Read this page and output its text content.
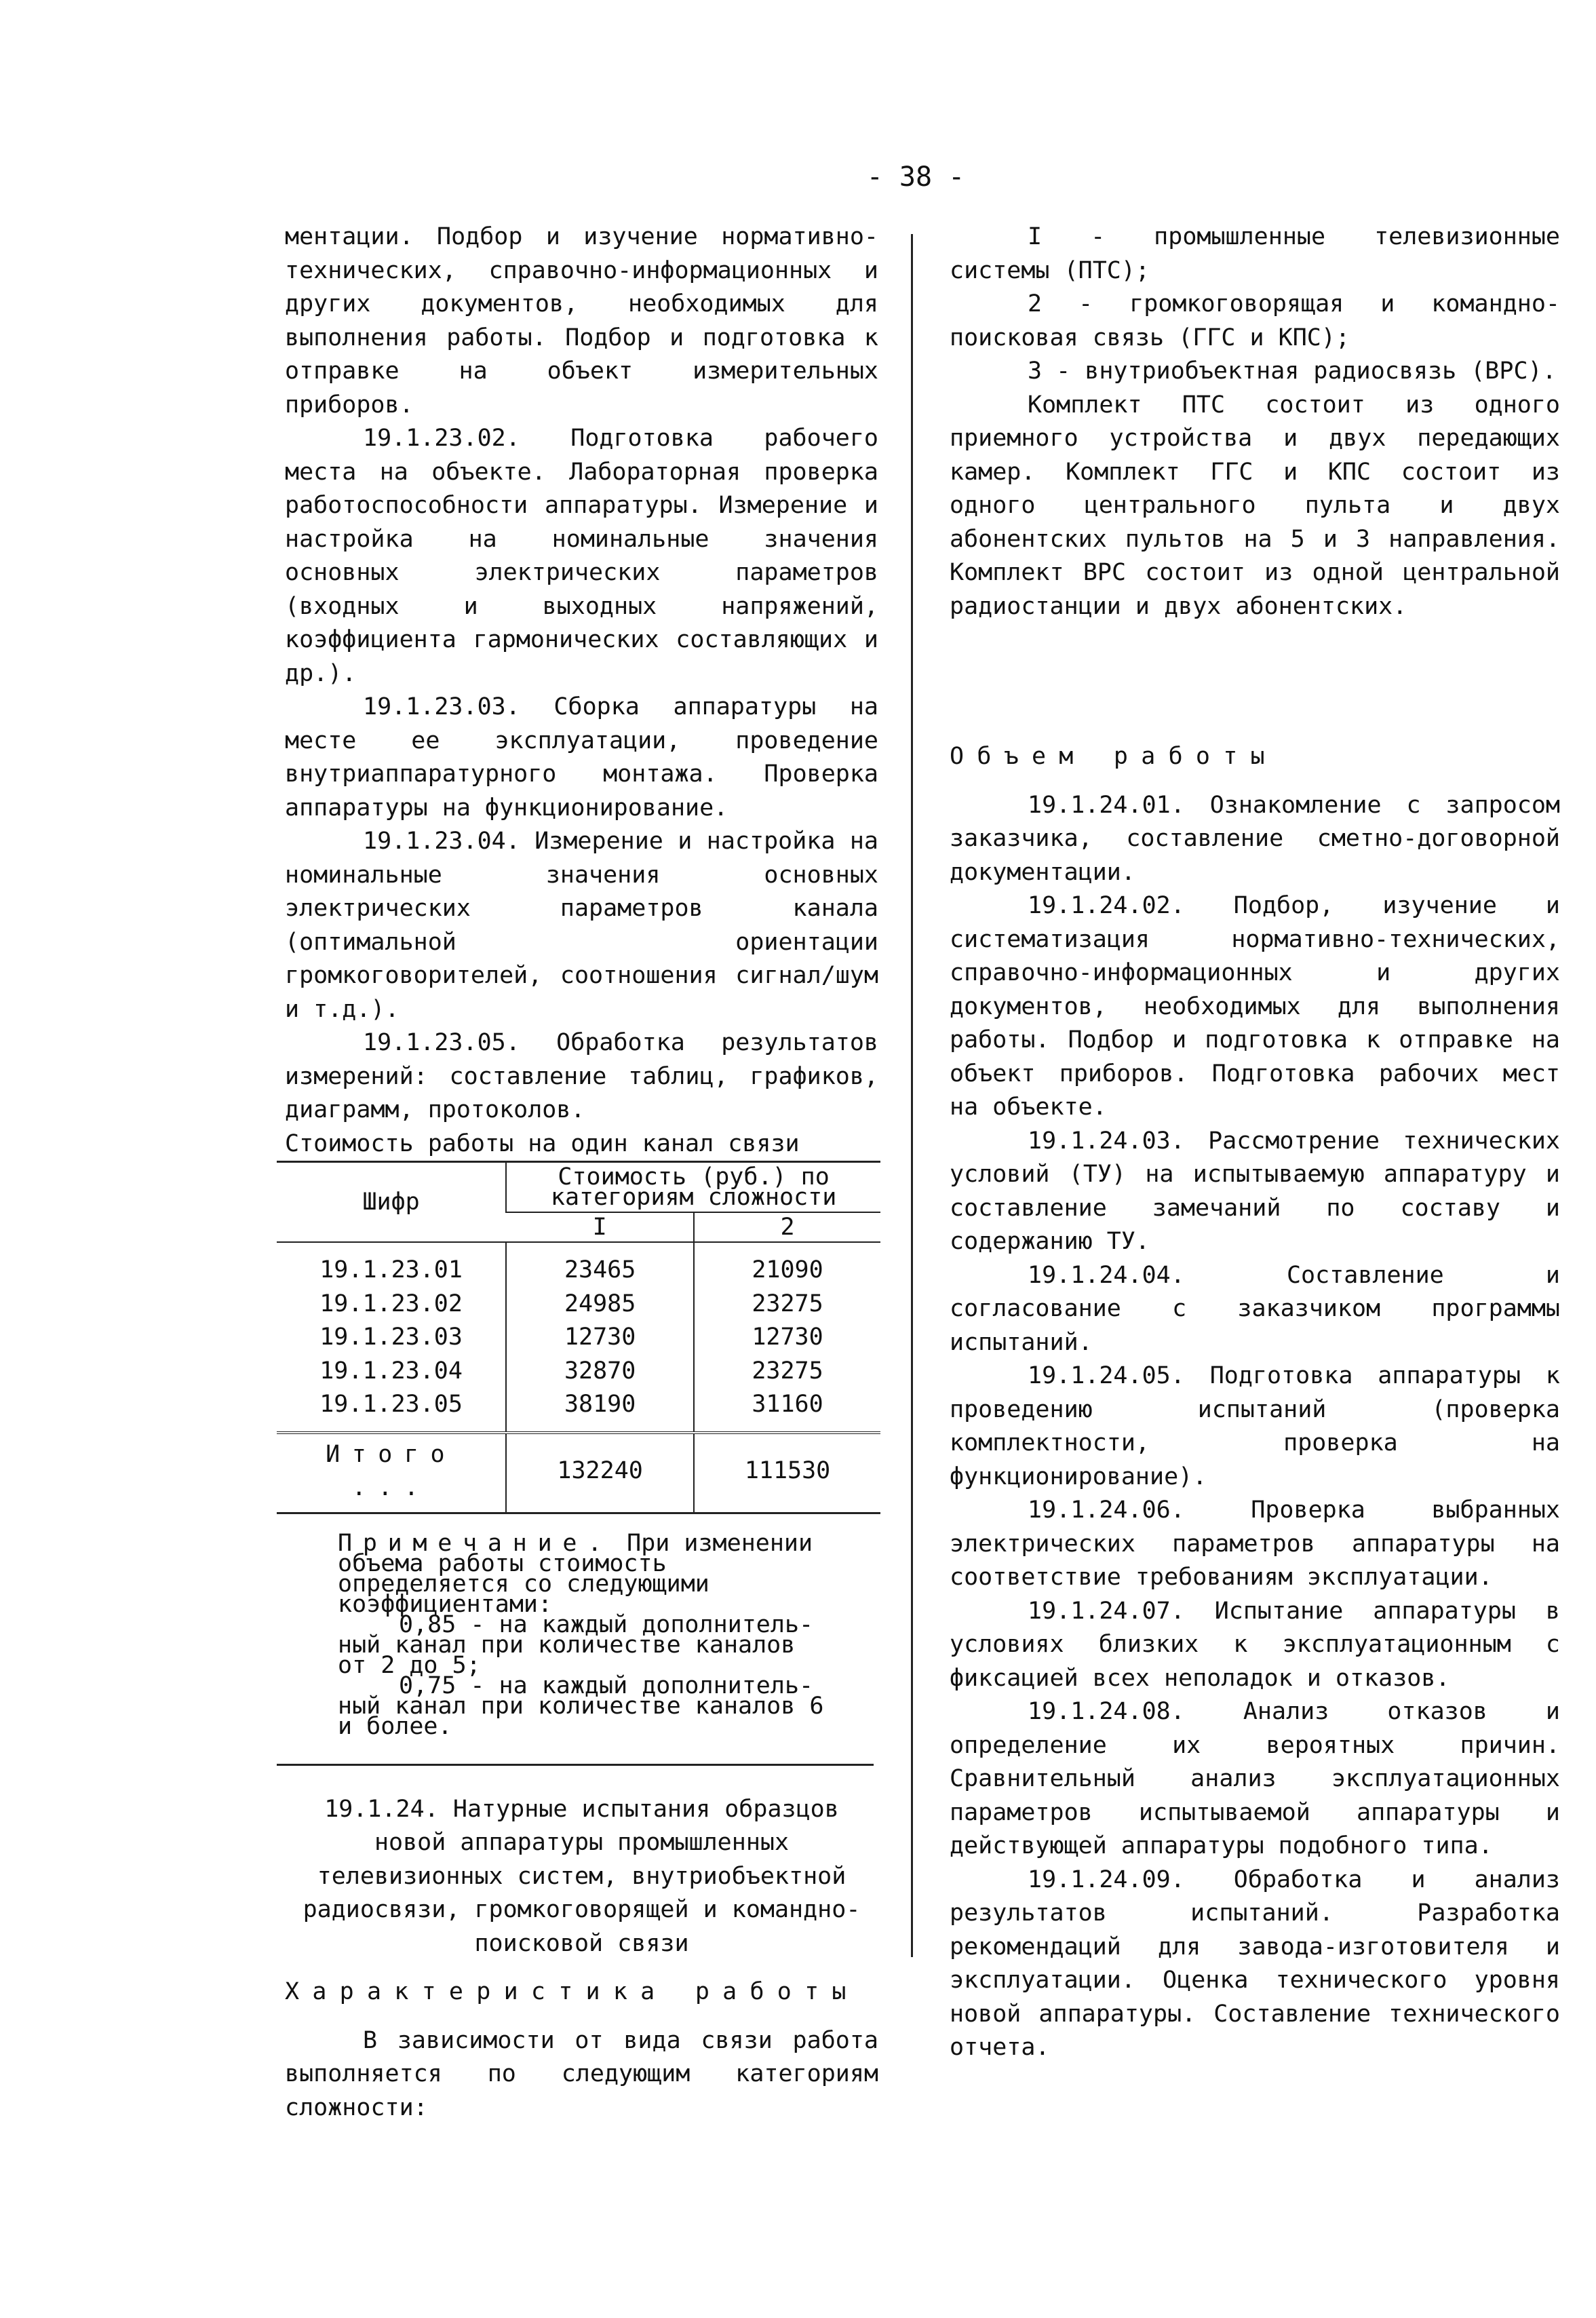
- 38 -

ментации. Подбор и изучение нормативно-технических, справочно-информационных и других документов, необходимых для выполнения работы. Подбор и подготовка к отправке на объект измерительных приборов.

19.1.23.02. Подготовка рабочего места на объекте. Лабораторная проверка работоспособности аппаратуры. Измерение и настройка на номинальные значения основных электрических параметров (входных и выходных напряжений, коэффициента гармонических составляющих и др.).

19.1.23.03. Сборка аппаратуры на месте ее эксплуатации, проведение внутриаппаратурного монтажа. Проверка аппаратуры на функционирование.

19.1.23.04. Измерение и настройка на номинальные значения основных электрических параметров канала (оптимальной ориентации громкоговорителей, соотношения сигнал/шум и т.д.).

19.1.23.05. Обработка результатов измерений: составление таблиц, графиков, диаграмм, протоколов.

Стоимость работы на один канал связи

Шифр	Стоимость (руб.) по категориям сложности	
	I	2
19.1.23.01	23465	21090
19.1.23.02	24985	23275
19.1.23.03	12730	12730
19.1.23.04	32870	23275
19.1.23.05	38190	31160
Итого ...	132240	111530

Примечание. При изменении объема работы стоимость определяется со следующими коэффициентами:

0,85 - на каждый дополнитель-

ный канал при количестве каналов от 2 до 5;

0,75 - на каждый дополнитель-

ный канал при количестве каналов 6 и более.

19.1.24. Натурные испытания образцов новой аппаратуры промышленных телевизионных систем, внутриобъектной радиосвязи, громкоговорящей и командно-поисковой связи

Характеристика работы

В зависимости от вида связи работа выполняется по следующим категориям сложности:

I - промышленные телевизионные системы (ПТС);

2 - громкоговорящая и командно-поисковая связь (ГГС и КПС);

3 - внутриобъектная радиосвязь (ВРС).

Комплект ПТС состоит из одного приемного устройства и двух передающих камер. Комплект ГГС и КПС состоит из одного центрального пульта и двух абонентских пультов на 5 и 3 направления. Комплект ВРС состоит из одной центральной радиостанции и двух абонентских.

Объем работы

19.1.24.01. Ознакомление с запросом заказчика, составление сметно-договорной документации.

19.1.24.02. Подбор, изучение и систематизация нормативно-технических, справочно-информационных и других документов, необходимых для выполнения работы. Подбор и подготовка к отправке на объект приборов. Подготовка рабочих мест на объекте.

19.1.24.03. Рассмотрение технических условий (ТУ) на испытываемую аппаратуру и составление замечаний по составу и содержанию ТУ.

19.1.24.04. Составление и согласование с заказчиком программы испытаний.

19.1.24.05. Подготовка аппаратуры к проведению испытаний (проверка комплектности, проверка на функционирование).

19.1.24.06. Проверка выбранных электрических параметров аппаратуры на соответствие требованиям эксплуатации.

19.1.24.07. Испытание аппаратуры в условиях близких к эксплуатационным с фиксацией всех неполадок и отказов.

19.1.24.08. Анализ отказов и определение их вероятных причин. Сравнительный анализ эксплуатационных параметров испытываемой аппаратуры и действующей аппаратуры подобного типа.

19.1.24.09. Обработка и анализ результатов испытаний. Разработка рекомендаций для завода-изготовителя и эксплуатации. Оценка технического уровня новой аппаратуры. Составление технического отчета.
